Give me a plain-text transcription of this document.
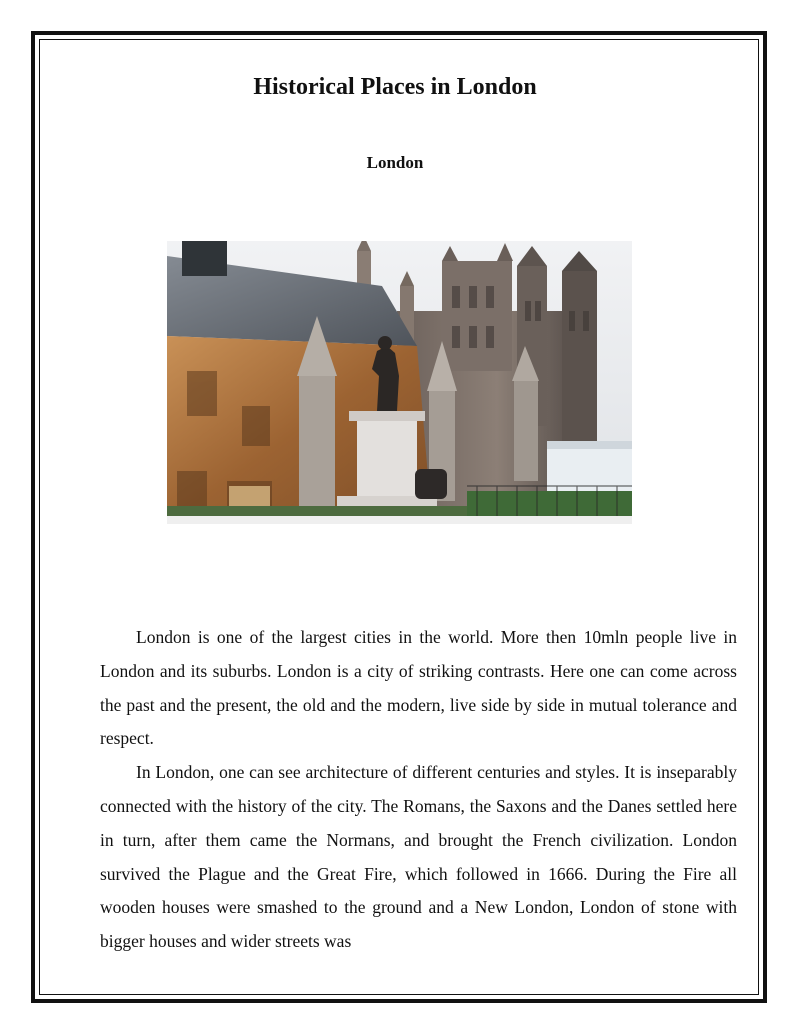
Historical Places in London
London

London is one of the largest cities in the world. More then 10mln people live in London and its suburbs. London is a city of striking contrasts. Here one can come across the past and the present, the old and the modern, live side by side in mutual tolerance and respect.

In London, one can see architecture of different centuries and styles. It is inseparably connected with the history of the city. The Romans, the Saxons and the Danes settled here in turn, after them came the Normans, and brought the French civilization. London survived the Plague and the Great Fire, which followed in 1666. During the Fire all wooden houses were smashed to the ground and a New London, London of stone with bigger houses and wider streets was
